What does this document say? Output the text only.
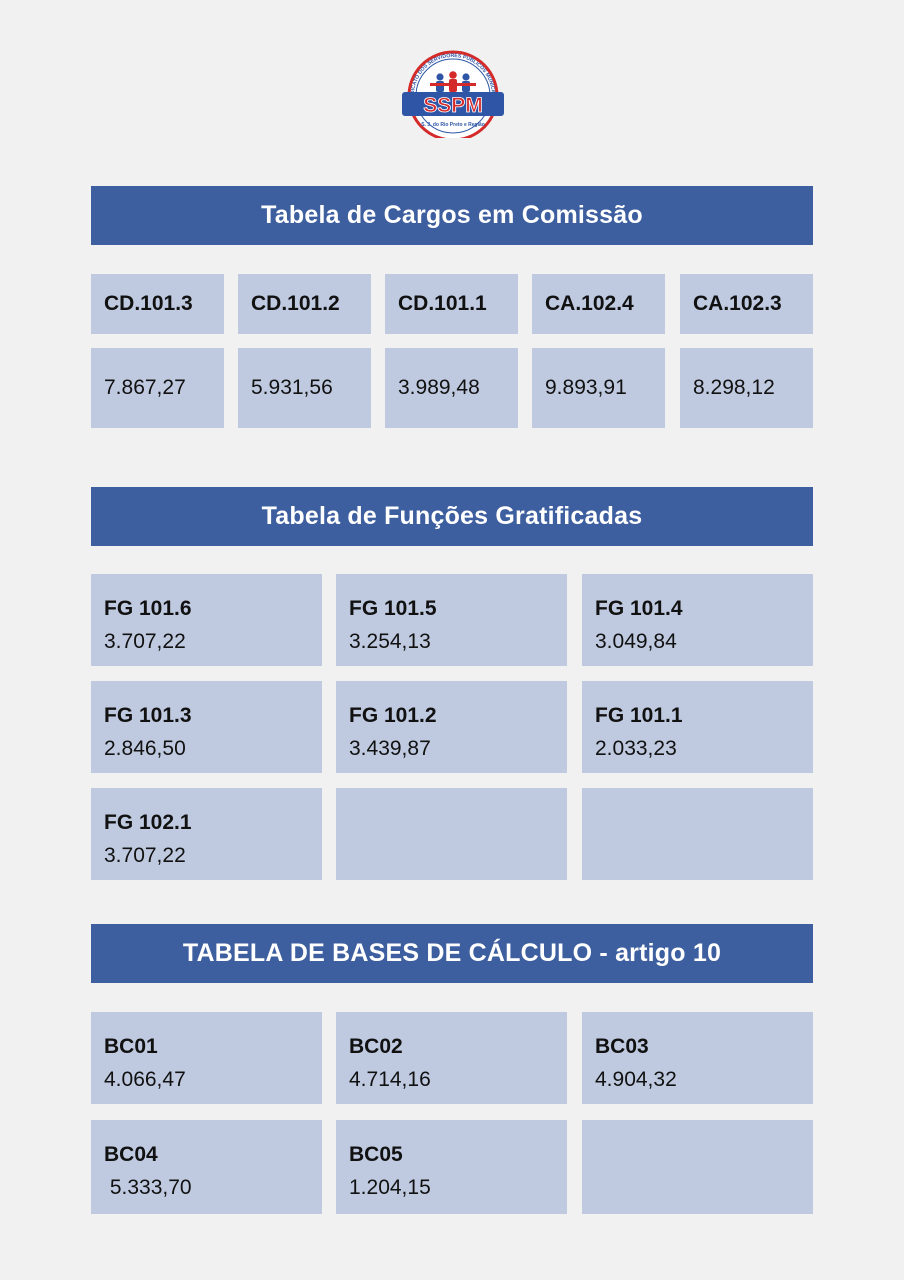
ICATO DOS SERVIDORES PÚBLICOS MUNICI
SSPM
S. J. do Rio Preto e Região
Tabela de Cargos em Comissão
CD.101.3	CD.101.2	CD.101.1	CA.102.4	CA.102.3
7.867,27	5.931,56	3.989,48	9.893,91	8.298,12
Tabela de Funções Gratificadas
FG 101.6
3.707,22
FG 101.5
3.254,13
FG 101.4
3.049,84
FG 101.3
2.846,50
FG 101.2
3.439,87
FG 101.1
2.033,23
FG 102.1
3.707,22
TABELA DE BASES DE CÁLCULO - artigo 10
BC01
4.066,47
BC02
4.714,16
BC03
4.904,32
BC04
5.333,70
BC05
1.204,15
